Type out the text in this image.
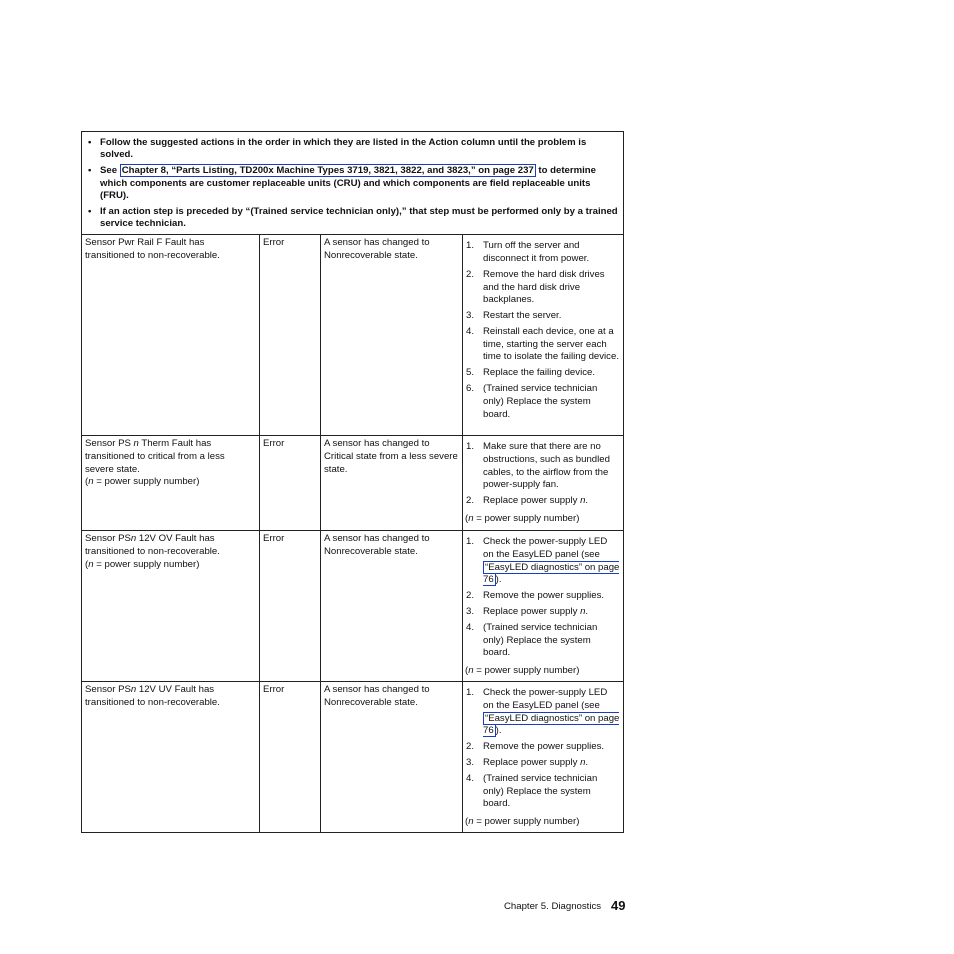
• Follow the suggested actions in the order in which they are listed in the Action column until the problem is solved.
• See Chapter 8, “Parts Listing, TD200x Machine Types 3719, 3821, 3822, and 3823,” on page 237 to determine which components are customer replaceable units (CRU) and which components are field replaceable units (FRU).
• If an action step is preceded by “(Trained service technician only),” that step must be performed only by a trained service technician.
Sensor Pwr Rail F Fault has transitioned to non-recoverable.
Error	A sensor has changed to Nonrecoverable state.
1. Turn off the server and disconnect it from power.
2. Remove the hard disk drives and the hard disk drive backplanes.
3. Restart the server.
4. Reinstall each device, one at a time, starting the server each time to isolate the failing device.
5. Replace the failing device.
6. (Trained service technician only) Replace the system board.
Sensor PS n Therm Fault has transitioned to critical from a less severe state.
(n = power supply number)
Error	A sensor has changed to Critical state from a less severe state.
1. Make sure that there are no obstructions, such as bundled cables, to the airflow from the power-supply fan.
2. Replace power supply n.
(n = power supply number)
Sensor PSn 12V OV Fault has transitioned to non-recoverable.
(n = power supply number)
Error	A sensor has changed to Nonrecoverable state.
1. Check the power-supply LED on the EasyLED panel (see “EasyLED diagnostics” on page 76 ).
2. Remove the power supplies.
3. Replace power supply n.
4. (Trained service technician only) Replace the system board.
(n = power supply number)
Sensor PSn 12V UV Fault has transitioned to non-recoverable.
Error	A sensor has changed to Nonrecoverable state.
1. Check the power-supply LED on the EasyLED panel (see “EasyLED diagnostics” on page 76 ).
2. Remove the power supplies.
3. Replace power supply n.
4. (Trained service technician only) Replace the system board.
(n = power supply number)
Chapter 5. Diagnostics 49
